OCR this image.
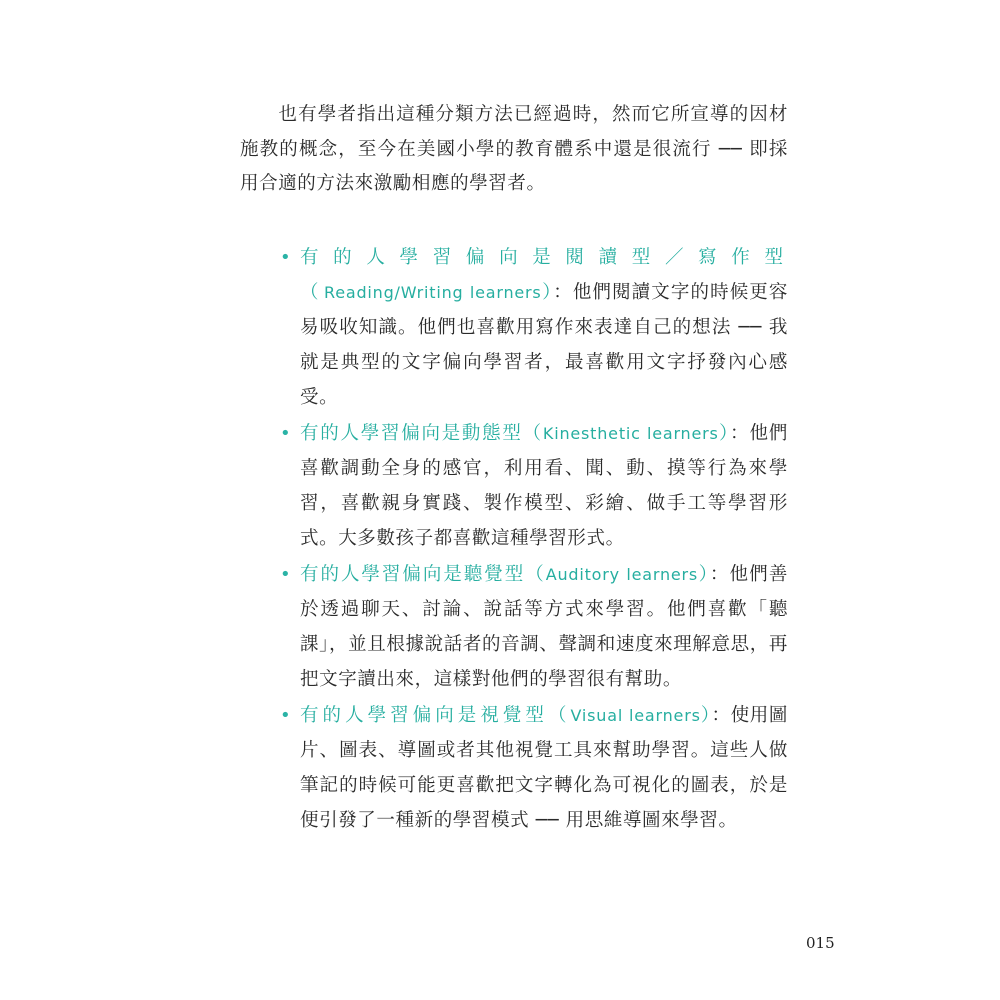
也有學者指出這種分類方法已經過時，然而它所宣導的因材施教的概念，至今在美國小學的教育體系中還是很流行 ── 即採用合適的方法來激勵相應的學習者。

• 有的人學習偏向是閱讀型／寫作型（Reading/Writing learners）：他們閱讀文字的時候更容易吸收知識。他們也喜歡用寫作來表達自己的想法 ── 我就是典型的文字偏向學習者，最喜歡用文字抒發內心感受。
• 有的人學習偏向是動態型（Kinesthetic learners）：他們喜歡調動全身的感官，利用看、聞、動、摸等行為來學習，喜歡親身實踐、製作模型、彩繪、做手工等學習形式。大多數孩子都喜歡這種學習形式。
• 有的人學習偏向是聽覺型（Auditory learners）：他們善於透過聊天、討論、說話等方式來學習。他們喜歡「聽課」，並且根據說話者的音調、聲調和速度來理解意思，再把文字讀出來，這樣對他們的學習很有幫助。
• 有的人學習偏向是視覺型（Visual learners）：使用圖片、圖表、導圖或者其他視覺工具來幫助學習。這些人做筆記的時候可能更喜歡把文字轉化為可視化的圖表，於是便引發了一種新的學習模式 ── 用思維導圖來學習。
015
